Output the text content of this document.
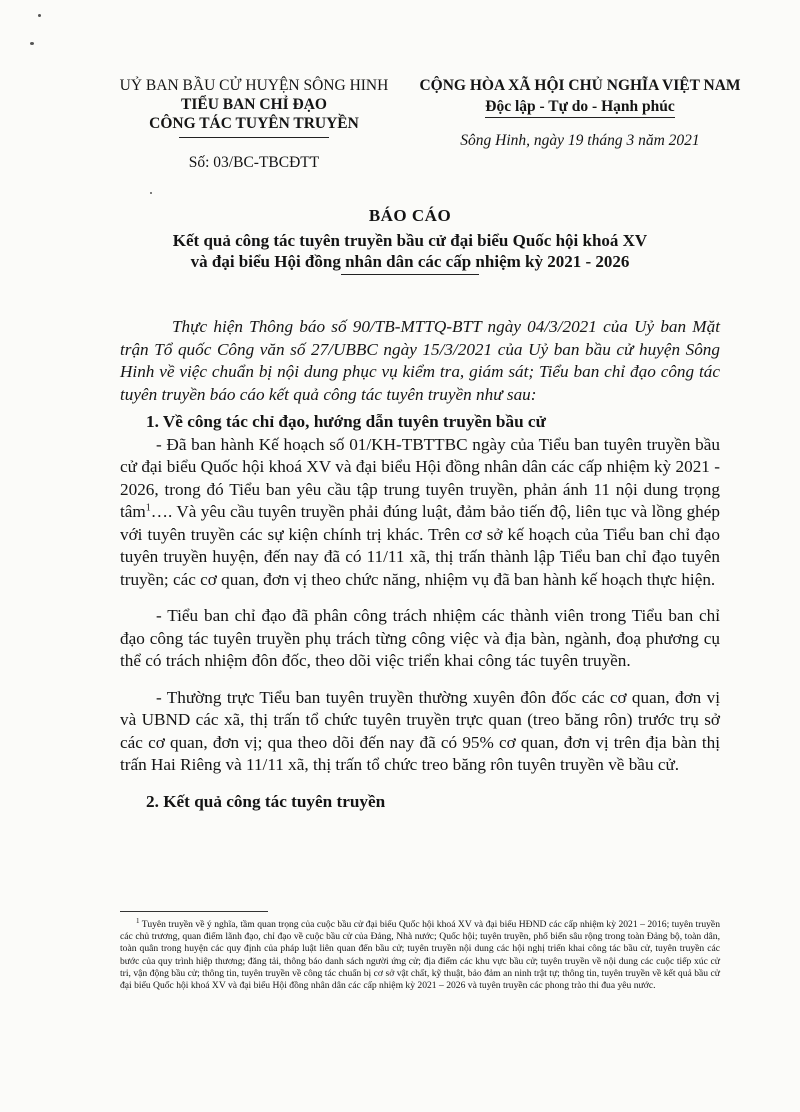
UỶ BAN BẦU CỬ HUYỆN SÔNG HINH
TIỂU BAN CHỈ ĐẠO
CÔNG TÁC TUYÊN TRUYỀN
Số: 03/BC-TBCĐTT
CỘNG HÒA XÃ HỘI CHỦ NGHĨA VIỆT NAM
Độc lập - Tự do - Hạnh phúc
Sông Hinh, ngày 19 tháng 3 năm 2021
BÁO CÁO
Kết quả công tác tuyên truyền bầu cử đại biểu Quốc hội khoá XV
và đại biểu Hội đồng nhân dân các cấp nhiệm kỳ 2021 - 2026

Thực hiện Thông báo số 90/TB-MTTQ-BTT ngày 04/3/2021 của Uỷ ban Mặt trận Tổ quốc Công văn số 27/UBBC ngày 15/3/2021 của Uỷ ban bầu cử huyện Sông Hinh về việc chuẩn bị nội dung phục vụ kiểm tra, giám sát; Tiểu ban chỉ đạo công tác tuyên truyền báo cáo kết quả công tác tuyên truyền như sau:

1. Về công tác chỉ đạo, hướng dẫn tuyên truyền bầu cử

- Đã ban hành Kế hoạch số 01/KH-TBTTBC ngày của Tiểu ban tuyên truyền bầu cử đại biểu Quốc hội khoá XV và đại biểu Hội đồng nhân dân các cấp nhiệm kỳ 2021 - 2026, trong đó Tiểu ban yêu cầu tập trung tuyên truyền, phản ánh 11 nội dung trọng tâm$^1$…. Và yêu cầu tuyên truyền phải đúng luật, đảm bảo tiến độ, liên tục và lồng ghép với tuyên truyền các sự kiện chính trị khác. Trên cơ sở kế hoạch của Tiểu ban chỉ đạo tuyên truyền huyện, đến nay đã có 11/11 xã, thị trấn thành lập Tiểu ban chỉ đạo tuyên truyền; các cơ quan, đơn vị theo chức năng, nhiệm vụ đã ban hành kế hoạch thực hiện.

- Tiểu ban chỉ đạo đã phân công trách nhiệm các thành viên trong Tiểu ban chỉ đạo công tác tuyên truyền phụ trách từng công việc và địa bàn, ngành, đoạ phương cụ thể có trách nhiệm đôn đốc, theo dõi việc triển khai công tác tuyên truyền.

- Thường trực Tiểu ban tuyên truyền thường xuyên đôn đốc các cơ quan, đơn vị và UBND các xã, thị trấn tổ chức tuyên truyền trực quan (treo băng rôn) trước trụ sở các cơ quan, đơn vị; qua theo dõi đến nay đã có 95% cơ quan, đơn vị trên địa bàn thị trấn Hai Riêng và 11/11 xã, thị trấn tổ chức treo băng rôn tuyên truyền về bầu cử.

2. Kết quả công tác tuyên truyền

$^1$ Tuyên truyền về ý nghĩa, tầm quan trọng của cuộc bầu cử đại biểu Quốc hội khoá XV và đại biểu HĐND các cấp nhiệm kỳ 2021 – 2016; tuyên truyền các chủ trương, quan điểm lãnh đạo, chỉ đạo về cuộc bầu cử của Đảng, Nhà nước; Quốc hội; tuyên truyền, phổ biến sâu rộng trong toàn Đảng bộ, toàn dân, toàn quân trong huyện các quy định của pháp luật liên quan đến bầu cử; tuyên truyền nội dung các hội nghị triển khai công tác bầu cử, tuyên truyền các bước của quy trình hiệp thương; đăng tải, thông báo danh sách người ứng cử; địa điểm các khu vực bầu cử; tuyên truyền về nội dung các cuộc tiếp xúc cử tri, vận động bầu cử; thông tin, tuyên truyền về công tác chuẩn bị cơ sở vật chất, kỹ thuật, bảo đảm an ninh trật tự; thông tin, tuyên truyền về kết quả bầu cử đại biểu Quốc hội khoá XV và đại biểu Hội đồng nhân dân các cấp nhiệm kỳ 2021 – 2026 và tuyên truyền các phong trào thi đua yêu nước.
